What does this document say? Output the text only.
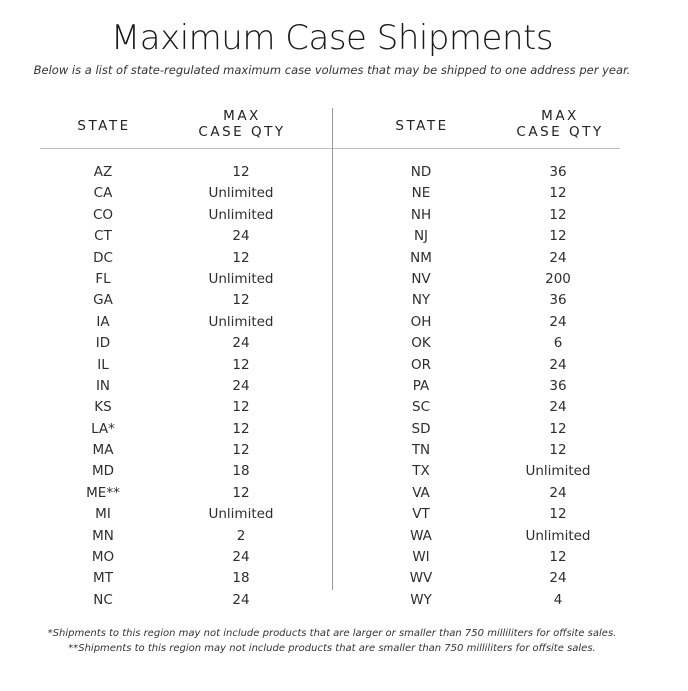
Maximum Case Shipments

Below is a list of state-regulated maximum case volumes that may be shipped to one address per year.

STATE
MAX
CASE QTY	STATE
MAX
CASE QTY
AZ
CA
CO
CT
DC
FL
GA
IA
ID
IL
IN
KS
LA*
MA
MD
ME**
MI
MN
MO
MT
NC
12
Unlimited
Unlimited
24
12
Unlimited
12
Unlimited
24
12
24
12
12
12
18
12
Unlimited
2
24
18
24
ND
NE
NH
NJ
NM
NV
NY
OH
OK
OR
PA
SC
SD
TN
TX
VA
VT
WA
WI
WV
WY
36
12
12
12
24
200
36
24
6
24
36
24
12
12
Unlimited
24
12
Unlimited
12
24
4

*Shipments to this region may not include products that are larger or smaller than 750 milliliters for offsite sales.

**Shipments to this region may not include products that are smaller than 750 milliliters for offsite sales.
